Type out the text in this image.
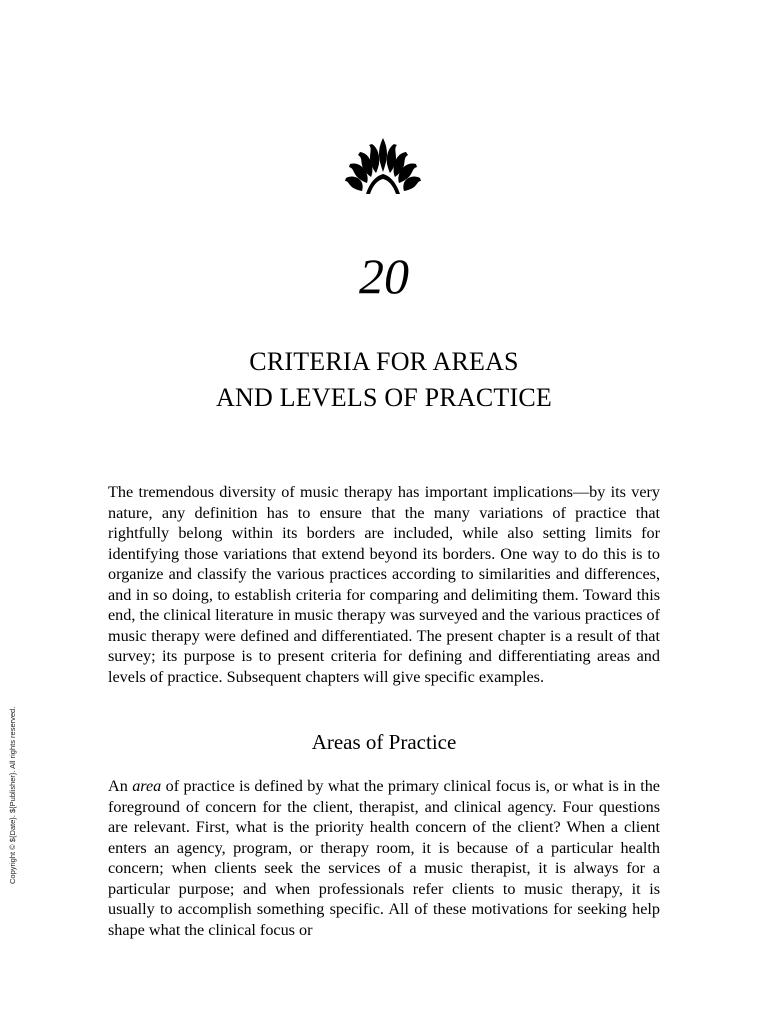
20
CRITERIA FOR AREAS
AND LEVELS OF PRACTICE

The tremendous diversity of music therapy has important implications—by its very nature, any definition has to ensure that the many variations of practice that rightfully belong within its borders are included, while also setting limits for identifying those variations that extend beyond its borders. One way to do this is to organize and classify the various practices according to similarities and differences, and in so doing, to establish criteria for comparing and delimiting them. Toward this end, the clinical literature in music therapy was surveyed and the various practices of music therapy were defined and differentiated. The present chapter is a result of that survey; its purpose is to present criteria for defining and differentiating areas and levels of practice. Subsequent chapters will give specific examples.

Areas of Practice

An area of practice is defined by what the primary clinical focus is, or what is in the foreground of concern for the client, therapist, and clinical agency. Four questions are relevant. First, what is the priority health concern of the client? When a client enters an agency, program, or therapy room, it is because of a particular health concern; when clients seek the services of a music therapist, it is always for a particular purpose; and when professionals refer clients to music therapy, it is usually to accomplish something specific. All of these motivations for seeking help shape what the clinical focus or

Copyright © ${Date}. ${Publisher}. All rights reserved.
